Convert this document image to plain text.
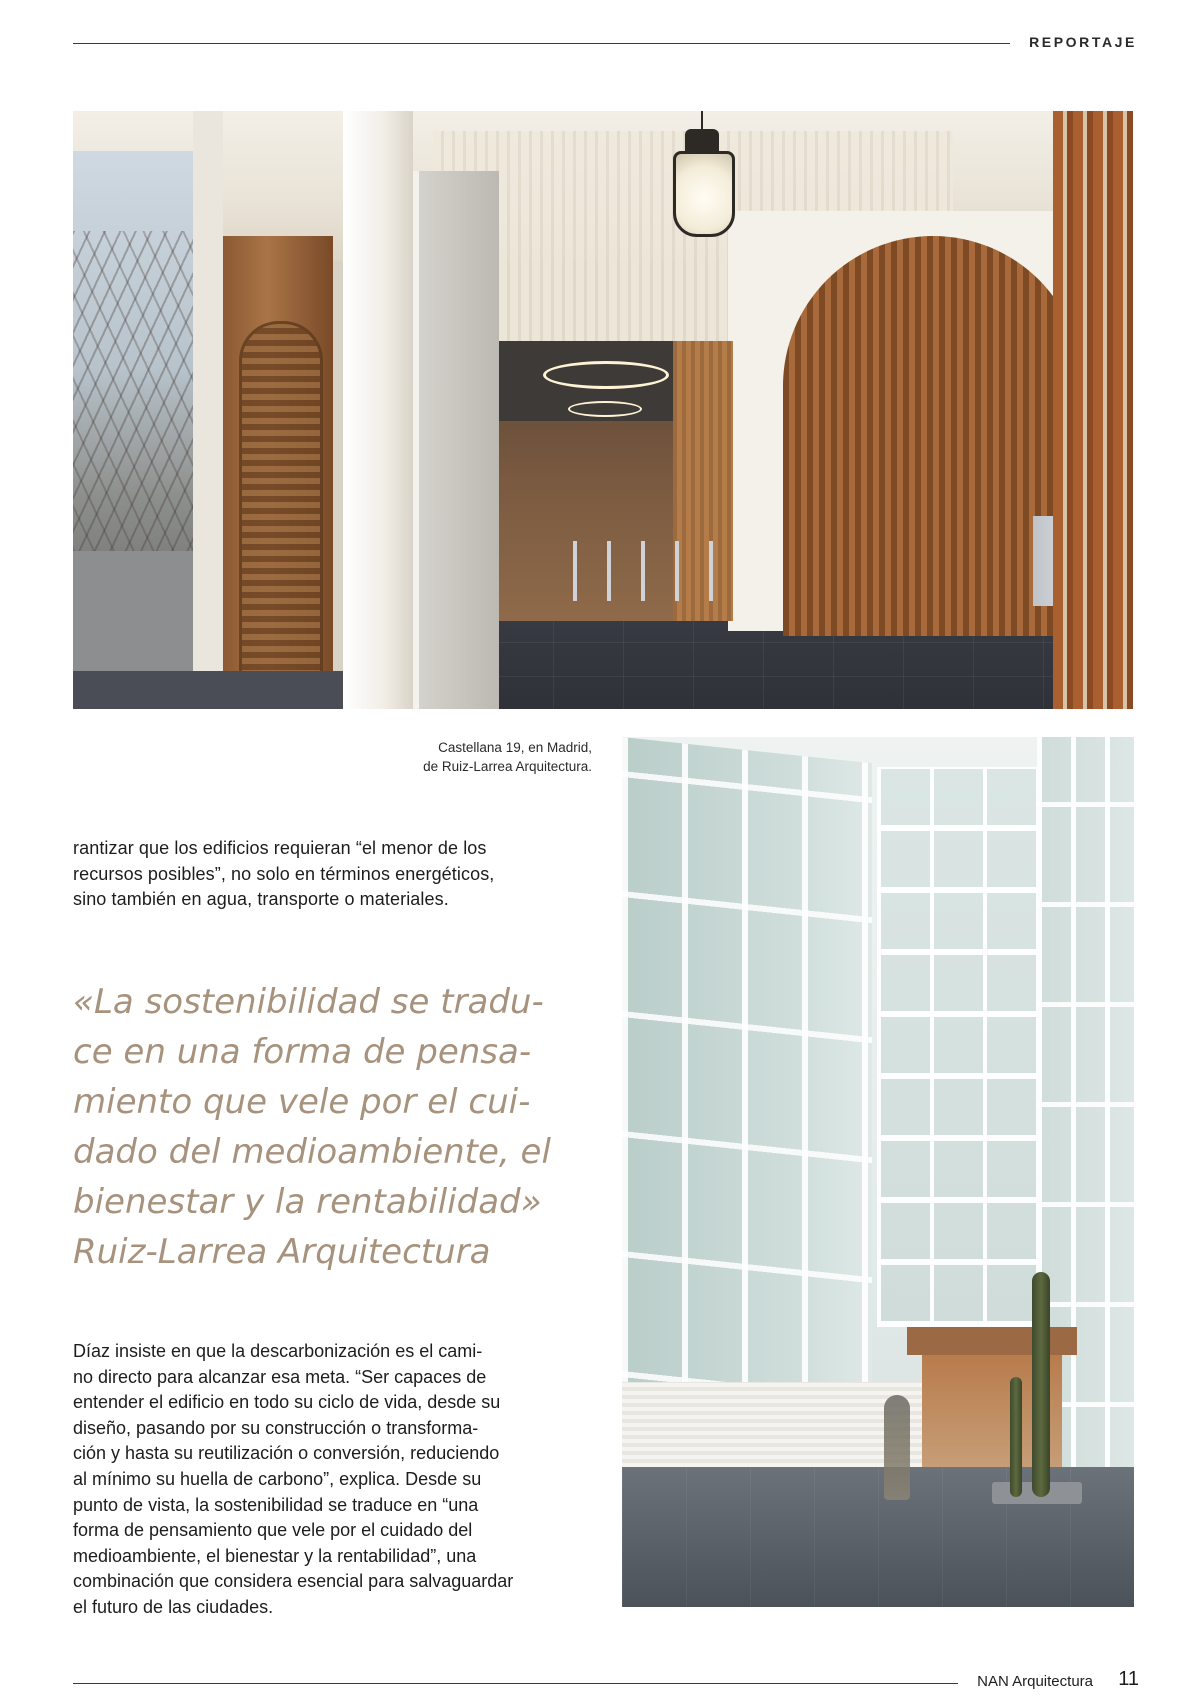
REPORTAJE
Castellana 19, en Madrid,
de Ruiz-Larrea Arquitectura.

rantizar que los edificios requieran “el menor de los
recursos posibles”, no solo en términos energéticos,
sino también en agua, transporte o materiales.

«La sostenibilidad se tradu-
ce en una forma de pensa-
miento que vele por el cui-
dado del medioambiente, el
bienestar y la rentabilidad»
Ruiz-Larrea Arquitectura

Díaz insiste en que la descarbonización es el cami-
no directo para alcanzar esa meta. “Ser capaces de
entender el edificio en todo su ciclo de vida, desde su
diseño, pasando por su construcción o transforma-
ción y hasta su reutilización o conversión, reduciendo
al mínimo su huella de carbono”, explica. Desde su
punto de vista, la sostenibilidad se traduce en “una
forma de pensamiento que vele por el cuidado del
medioambiente, el bienestar y la rentabilidad”, una
combinación que considera esencial para salvaguardar
el futuro de las ciudades.

NAN Arquitectura 11
